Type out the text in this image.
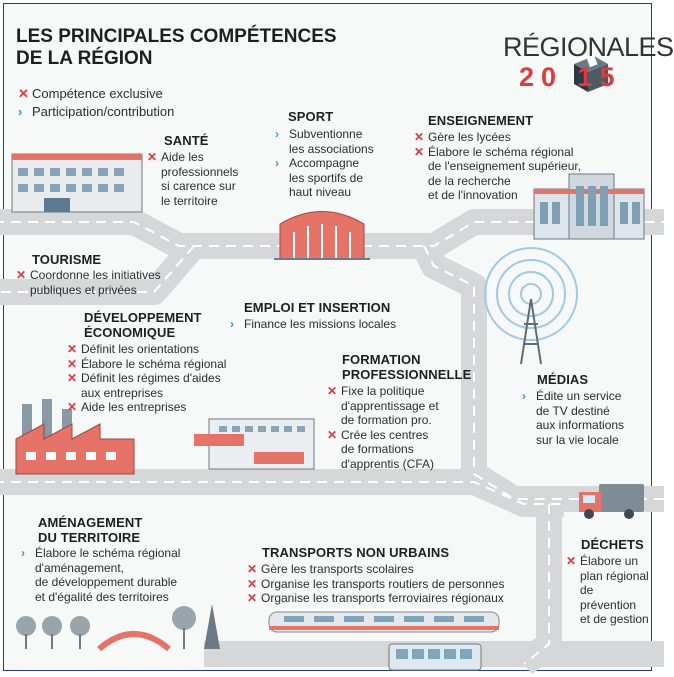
LES PRINCIPALES COMPÉTENCES
DE LA RÉGION	RÉGIONALES
20 15
✕ Compétence exclusive
› Participation/contribution
SANTÉ
✕ Aide les
professionnels
si carence sur
le territoire
SPORT
› Subventionne
les associations
› Accompagne
les sportifs de
haut niveau
ENSEIGNEMENT
✕ Gère les lycées
✕ Élabore le schéma régional
de l'enseignement supérieur,
de la recherche
et de l'innovation
TOURISME
✕ Coordonne les initiatives
publiques et privées
DÉVELOPPEMENT
ÉCONOMIQUE
✕ Définit les orientations
✕ Élabore le schéma régional
✕ Définit les régimes d'aides
aux entreprises
✕ Aide les entreprises
EMPLOI ET INSERTION
› Finance les missions locales
FORMATION
PROFESSIONNELLE
✕ Fixe la politique
d'apprentissage et
de formation pro.
✕ Crée les centres
de formations
d'apprentis (CFA)
MÉDIAS
› Édite un service
de TV destiné
aux informations
sur la vie locale
AMÉNAGEMENT
DU TERRITOIRE
› Élabore le schéma régional
d'aménagement,
de développement durable
et d'égalité des territoires
TRANSPORTS NON URBAINS
✕ Gère les transports scolaires
✕ Organise les transports routiers de personnes
✕ Organise les transports ferroviaires régionaux
DÉCHETS
✕ Élabore un
plan régional
de prévention
et de gestion
